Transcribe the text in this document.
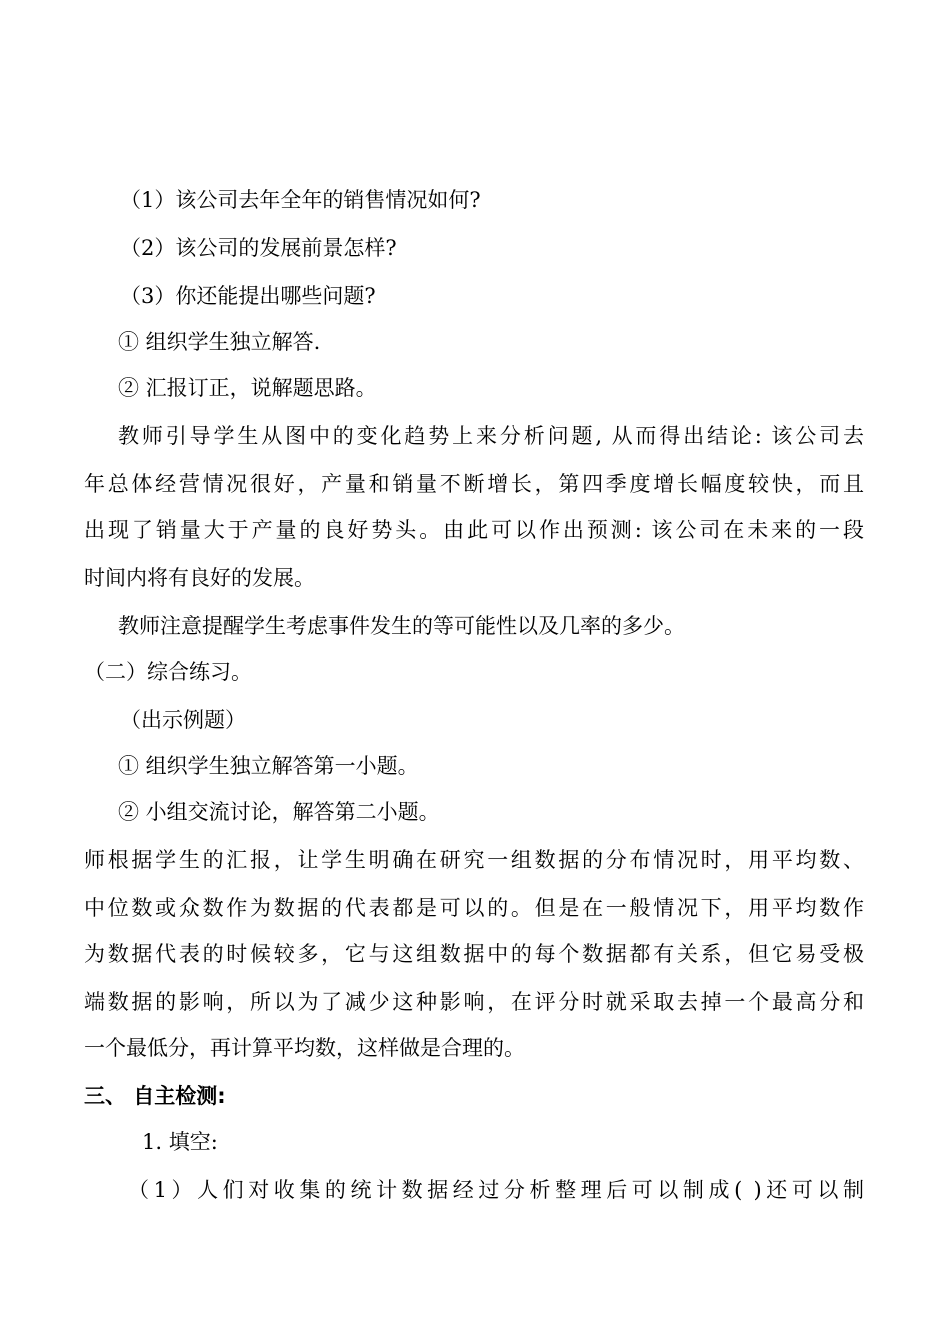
（1）该公司去年全年的销售情况如何?
（2）该公司的发展前景怎样?
（3）你还能提出哪些问题?
① 组织学生独立解答.
② 汇报订正，说解题思路。
教师引导学生从图中的变化趋势上来分析问题, 从而得出结论: 该公司去
年总体经营情况很好，产量和销量不断增长，第四季度增长幅度较快，而且
出现了销量大于产量的良好势头。由此可以作出预测: 该公司在未来的一段
时间内将有良好的发展。
教师注意提醒学生考虑事件发生的等可能性以及几率的多少。
（二）综合练习。
（出示例题）
① 组织学生独立解答第一小题。
② 小组交流讨论，解答第二小题。
师根据学生的汇报，让学生明确在研究一组数据的分布情况时，用平均数、
中位数或众数作为数据的代表都是可以的。但是在一般情况下，用平均数作
为数据代表的时候较多，它与这组数据中的每个数据都有关系，但它易受极
端数据的影响，所以为了减少这种影响，在评分时就采取去掉一个最高分和
一个最低分，再计算平均数，这样做是合理的。
三、 自主检测:
1. 填空:
（1）人们对收集的统计数据经过分析整理后可以制成( )还可以制
